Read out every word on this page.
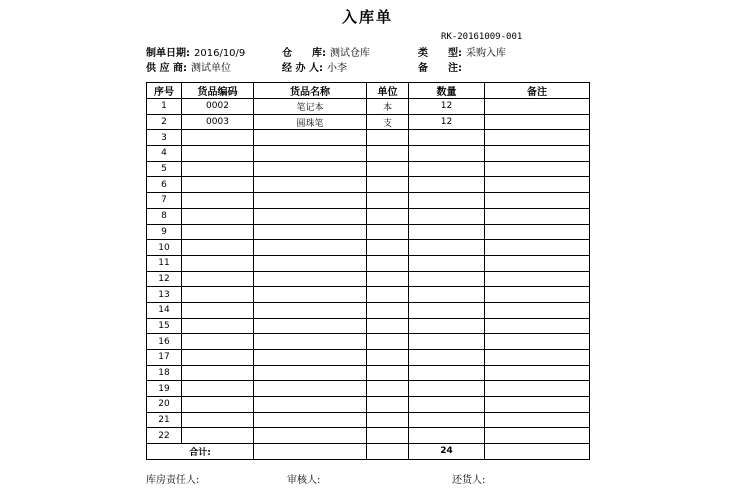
入库单
RK-20161009-001
制单日期: 2016/10/9	仓　　库: 测试仓库	类　　型: 采购入库
供 应 商: 测试单位	经 办 人: 小李	备　　注:
序号	货品编码	货品名称	单位	数量	备注
1	0002	笔记本	本	12	
2	0003	圆珠笔	支	12	
3					
4					
5					
6					
7					
8					
9					
10					
11					
12					
13					
14					
15					
16					
17					
18					
19					
20					
21					
22					
合计:				24	
库房责任人:	审核人:	还货人:
